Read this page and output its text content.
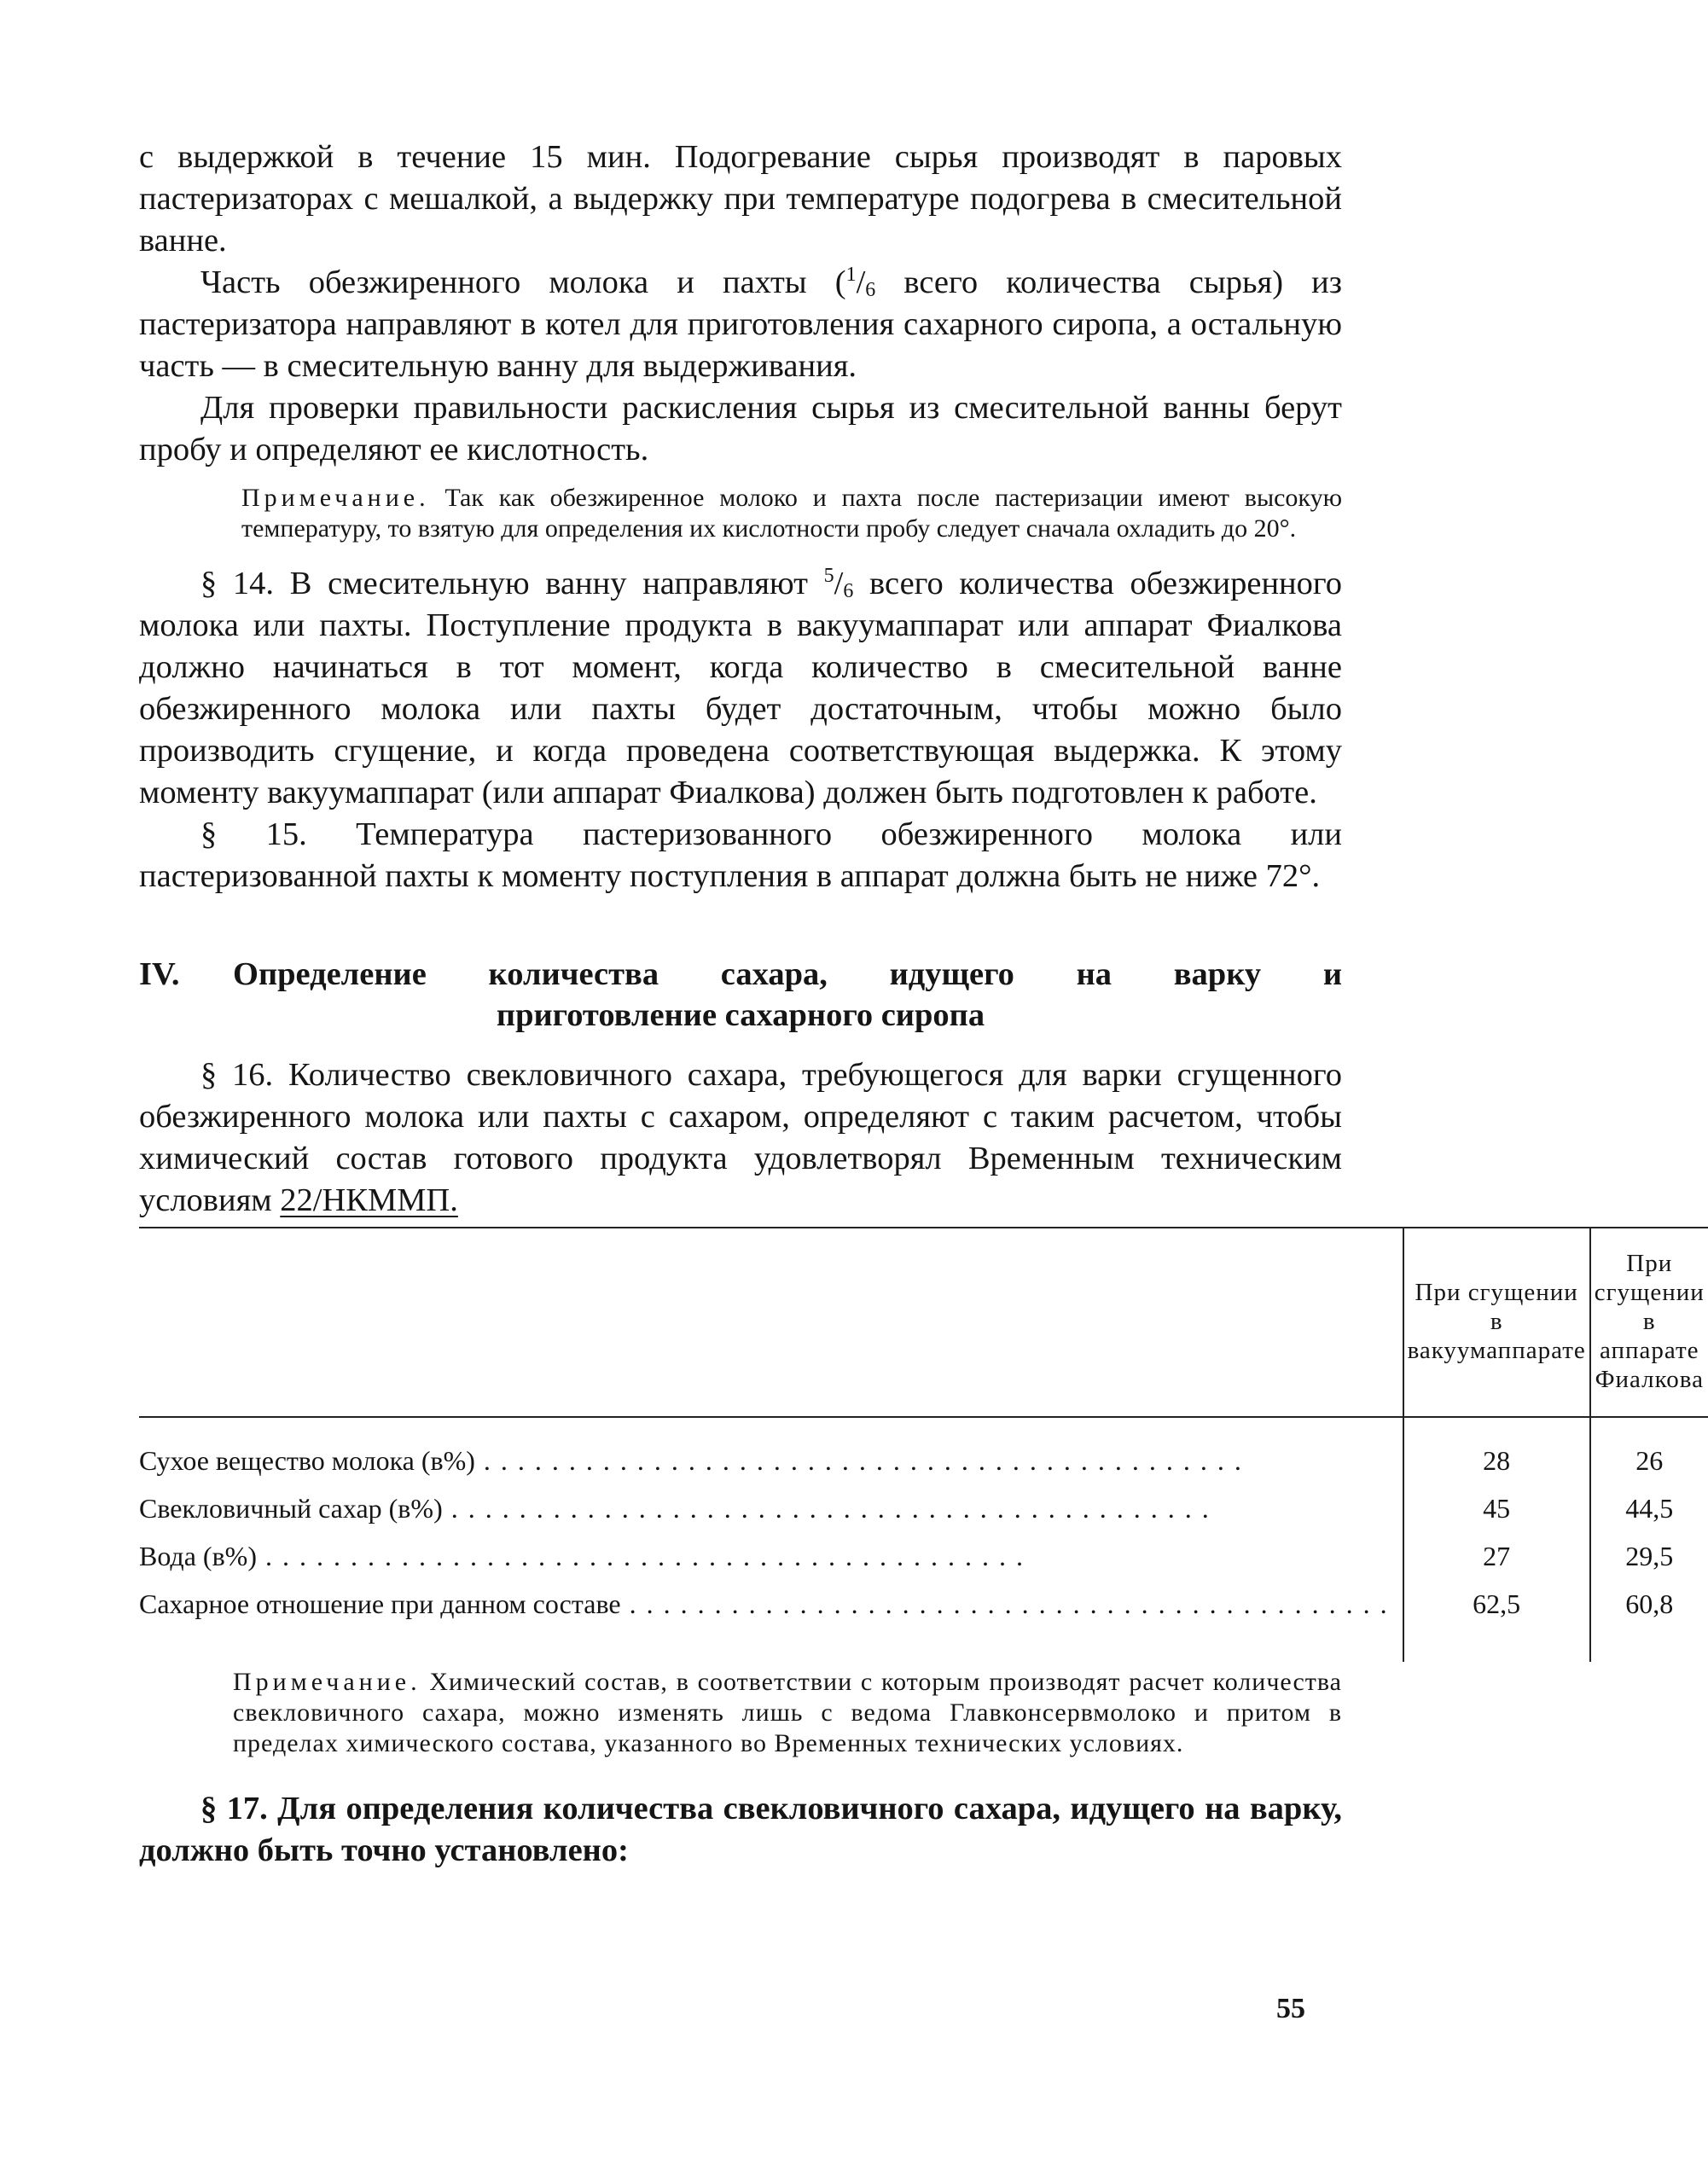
с выдержкой в течение 15 мин. Подогревание сырья производят в паровых пастеризаторах с мешалкой, а выдержку при температуре подогрева в смесительной ванне.

Часть обезжиренного молока и пахты ($^1/_6$ всего количества сырья) из пастеризатора направляют в котел для приготовления сахарного сиропа, а остальную часть — в смесительную ванну для выдерживания.

Для проверки правильности раскисления сырья из смесительной ванны берут пробу и определяют ее кислотность.

Примечание. Так как обезжиренное молоко и пахта после пастеризации имеют высокую температуру, то взятую для определения их кислотности пробу следует сначала охладить до 20°.

§ 14. В смесительную ванну направляют $^5/_6$ всего количества обезжиренного молока или пахты. Поступление продукта в вакуумаппарат или аппарат Фиалкова должно начинаться в тот момент, когда количество в смесительной ванне обезжиренного молока или пахты будет достаточным, чтобы можно было производить сгущение, и когда проведена соответствующая выдержка. К этому моменту вакуумаппарат (или аппарат Фиалкова) должен быть подготовлен к работе.

§ 15. Температура пастеризованного обезжиренного молока или пастеризованной пахты к моменту поступления в аппарат должна быть не ниже 72°.

IV.	Определение количества сахара, идущего на варку и
приготовление сахарного сиропа

§ 16. Количество свекловичного сахара, требующегося для варки сгущенного обезжиренного молока или пахты с сахаром, определяют с таким расчетом, чтобы химический состав готового продукта удовлетворял Временным техническим условиям 22/НКММП.

	При сгущении в вакуумаппарате	При сгущении в аппарате Фиалкова

Сухое вещество молока (в % ) .............................................	28	26

Свекловичный сахар (в % ) .............................................	45	44,5

Вода (в % ) .............................................	27	29,5

Сахарное отношение при данном составе .............................................	62,5	60,8

Примечание. Химический состав, в соответствии с которым производят расчет количества свекловичного сахара, можно изменять лишь с ведома Главконсервмолоко и притом в пределах химического состава, указанного во Временных технических условиях.

§ 17. Для определения количества свекловичного сахара, идущего на варку, должно быть точно установлено:

55
